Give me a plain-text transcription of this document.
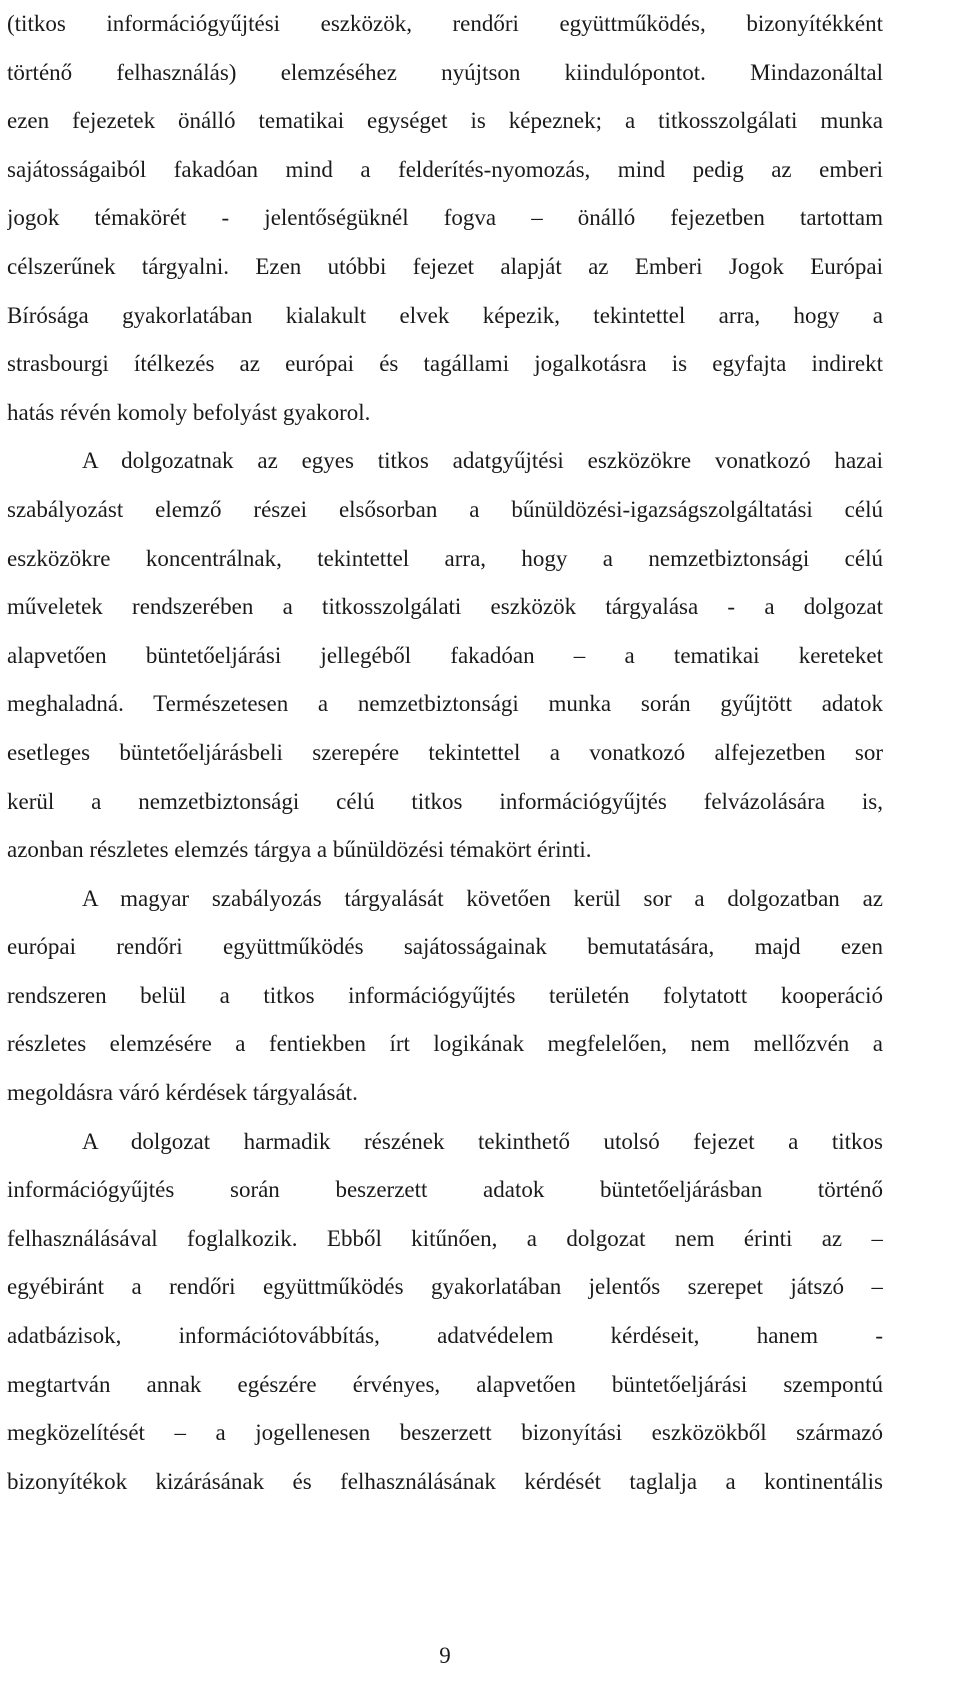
(titkos információgyűjtési eszközök, rendőri együttműködés, bizonyítékként
történő felhasználás) elemzéséhez nyújtson kiindulópontot. Mindazonáltal
ezen fejezetek önálló tematikai egységet is képeznek; a titkosszolgálati munka
sajátosságaiból fakadóan mind a felderítés-nyomozás, mind pedig az emberi
jogok témakörét - jelentőségüknél fogva – önálló fejezetben tartottam
célszerűnek tárgyalni. Ezen utóbbi fejezet alapját az Emberi Jogok Európai
Bírósága gyakorlatában kialakult elvek képezik, tekintettel arra, hogy a
strasbourgi ítélkezés az európai és tagállami jogalkotásra is egyfajta indirekt
hatás révén komoly befolyást gyakorol.
A dolgozatnak az egyes titkos adatgyűjtési eszközökre vonatkozó hazai
szabályozást elemző részei elsősorban a bűnüldözési-igazságszolgáltatási célú
eszközökre koncentrálnak, tekintettel arra, hogy a nemzetbiztonsági célú
műveletek rendszerében a titkosszolgálati eszközök tárgyalása - a dolgozat
alapvetően büntetőeljárási jellegéből fakadóan – a tematikai kereteket
meghaladná. Természetesen a nemzetbiztonsági munka során gyűjtött adatok
esetleges büntetőeljárásbeli szerepére tekintettel a vonatkozó alfejezetben sor
kerül a nemzetbiztonsági célú titkos információgyűjtés felvázolására is,
azonban részletes elemzés tárgya a bűnüldözési témakört érinti.
A magyar szabályozás tárgyalását követően kerül sor a dolgozatban az
európai rendőri együttműködés sajátosságainak bemutatására, majd ezen
rendszeren belül a titkos információgyűjtés területén folytatott kooperáció
részletes elemzésére a fentiekben írt logikának megfelelően, nem mellőzvén a
megoldásra váró kérdések tárgyalását.
A dolgozat harmadik részének tekinthető utolsó fejezet a titkos
információgyűjtés során beszerzett adatok büntetőeljárásban történő
felhasználásával foglalkozik. Ebből kitűnően, a dolgozat nem érinti az –
egyébiránt a rendőri együttműködés gyakorlatában jelentős szerepet játszó –
adatbázisok, információtovábbítás, adatvédelem kérdéseit, hanem -
megtartván annak egészére érvényes, alapvetően büntetőeljárási szempontú
megközelítését – a jogellenesen beszerzett bizonyítási eszközökből származó
bizonyítékok kizárásának és felhasználásának kérdését taglalja a kontinentális
9
